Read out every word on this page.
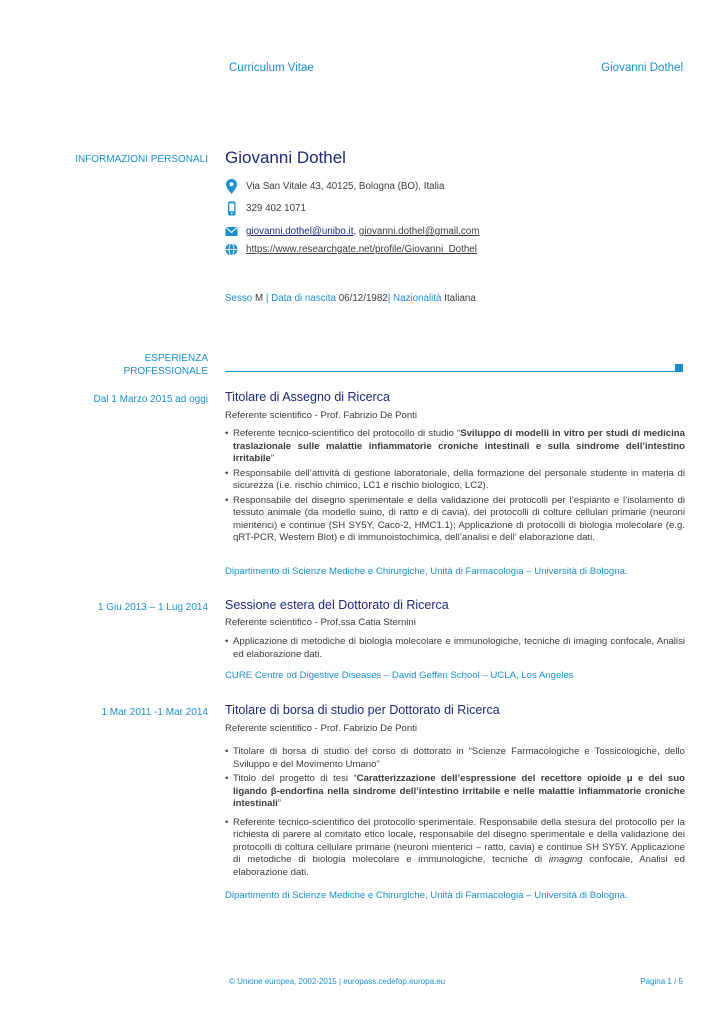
Curriculum Vitae	Giovanni Dothel
INFORMAZIONI PERSONALI Giovanni Dothel
Via San Vitale 43, 40125, Bologna (BO), Italia
329 402 1071
giovanni.dothel@unibo.it, giovanni.dothel@gmail.com
https://www.researchgate.net/profile/Giovanni_Dothel
Sesso M | Data di nascita 06/12/1982| Nazionalità Italiana
ESPERIENZA
PROFESSIONALE
Dal 1 Marzo 2015 ad oggi Titolare di Assegno di Ricerca
Referente scientifico - Prof. Fabrizio De Ponti
• Referente tecnico-scientifico del protocollo di studio “Sviluppo di modelli in vitro per studi di medicina traslazionale sulle malattie infiammatorie croniche intestinali e sulla sindrome dell’intestino irritabile”
• Responsabile dell’attività di gestione laboratoriale, della formazione del personale studente in materia di sicurezza (i.e. rischio chimico, LC1 e rischio biologico, LC2).
• Responsabile del disegno sperimentale e della validazione dei protocolli per l’espianto e l’isolamento di tessuto animale (da modello suino, di ratto e di cavia), dei protocolli di colture cellulari primarie (neuroni mienterici) e continue (SH SY5Y, Caco-2, HMC1.1); Applicazione di protocolli di biologia molecolare (e.g. qRT-PCR, Western Blot) e di immunoistochimica, dell’analisi e dell’ elaborazione dati.
Dipartimento di Scienze Mediche e Chirurgiche, Unità di Farmacologia – Università di Bologna.
1 Giu 2013 – 1 Lug 2014 Sessione estera del Dottorato di Ricerca
Referente scientifico - Prof.ssa Catia Sternini
• Applicazione di metodiche di biologia molecolare e immunologiche, tecniche di imaging confocale, Analisi ed elaborazione dati.
CURE Centre od Digestive Diseases – David Geffen School – UCLA, Los Angeles
1 Mar 2011 -1 Mar 2014 Titolare di borsa di studio per Dottorato di Ricerca
Referente scientifico - Prof. Fabrizio De Ponti
• Titolare di borsa di studio del corso di dottorato in “Scienze Farmacologiche e Tossicologiche, dello Sviluppo e del Movimento Umano”
• Titolo del progetto di tesi “Caratterizzazione dell’espressione del recettore opioide μ e del suo ligando β-endorfina nella sindrome dell’intestino irritabile e nelle malattie infiammatorie croniche intestinali”
• Referente tecnico-scientifico del protocollo sperimentale. Responsabile della stesura del protocollo per la richiesta di parere al comitato etico locale, responsabile del disegno sperimentale e della validazione dei protocolli di coltura cellulare primarie (neuroni mienterici – ratto, cavia) e continue SH SY5Y. Applicazione di metodiche di biologia molecolare e immunologiche, tecniche di imaging confocale, Analisi ed elaborazione dati.
Dipartimento di Scienze Mediche e Chirurgiche, Unità di Farmacologia – Università di Bologna.
© Unione europea, 2002-2015 | europass.cedefop.europa.eu	Pagina 1 / 5
